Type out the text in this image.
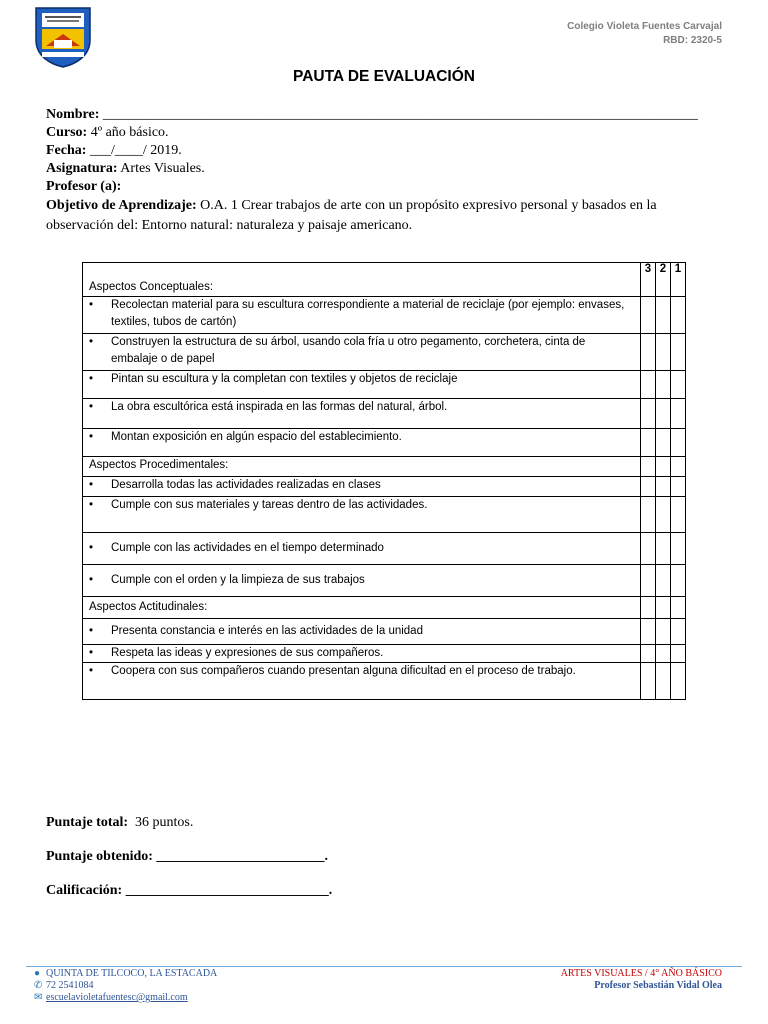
Colegio Violeta Fuentes Carvajal
RBD: 2320-5
PAUTA DE EVALUACIÓN
Nombre: _____________________________________________________________________________________
Curso: 4º año básico.
Fecha: ___/____/ 2019.
Asignatura: Artes Visuales.
Profesor (a):
Objetivo de Aprendizaje: O.A. 1 Crear trabajos de arte con un propósito expresivo personal y basados en la observación del: Entorno natural: naturaleza y paisaje americano.
Aspectos Conceptuales:	3	2	1

• Recolectan material para su escultura correspondiente a material de reciclaje (por ejemplo: envases, textiles, tubos de cartón)			

• Construyen la estructura de su árbol, usando cola fría u otro pegamento, corchetera, cinta de embalaje o de papel			

• Pintan su escultura y la completan con textiles y objetos de reciclaje			

• La obra escultórica está inspirada en las formas del natural, árbol.			

• Montan exposición en algún espacio del establecimiento.			

Aspectos Procedimentales:			

• Desarrolla todas las actividades realizadas en clases			

• Cumple con sus materiales y tareas dentro de las actividades.			

• Cumple con las actividades en el tiempo determinado			

• Cumple con el orden y la limpieza de sus trabajos			

Aspectos Actitudinales:			

• Presenta constancia e interés en las actividades de la unidad			

• Respeta las ideas y expresiones de sus compañeros.			

• Coopera con sus compañeros cuando presentan alguna dificultad en el proceso de trabajo.			

Puntaje total: 36 puntos.
Puntaje obtenido: ________________________.
Calificación: _____________________________.
● QUINTA DE TILCOCO, LA ESTACADA
✆ 72 2541084
✉ escuelavioletafuentesc@gmail.com
ARTES VISUALES / 4° AÑO BÁSICO
Profesor Sebastián Vidal Olea
